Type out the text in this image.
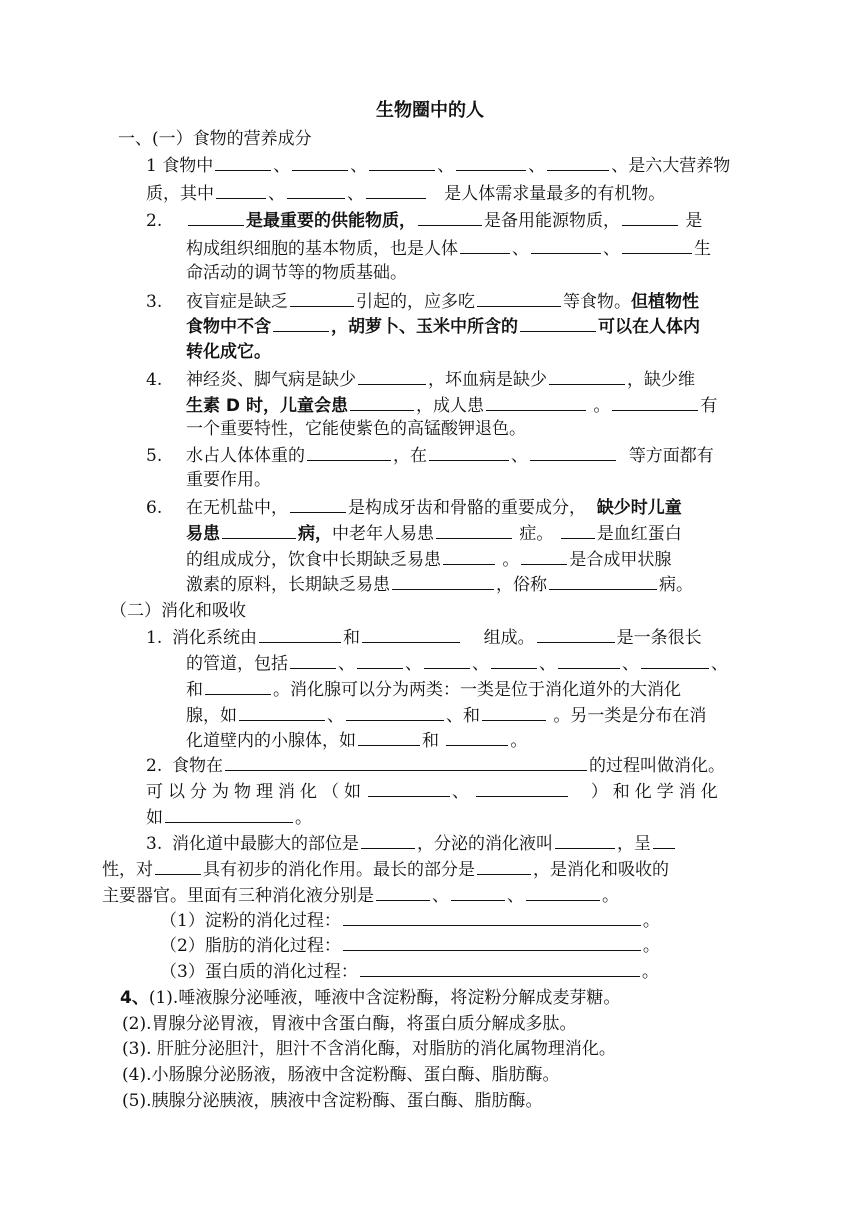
生物圈中的人
一、(一）食物的营养成分
1 食物中	、	、	、	、	、是六大营养物
质，其中	、	、	是人体需求量最多的有机物。
2.	是最重要的供能物质，	是备用能源物质，	是
构成组织细胞的基本物质，也是人体	、	、	生
命活动的调节等的物质基础。
3. 夜盲症是缺乏	引起的，应多吃	等食物。但植物性
食物中不含	，胡萝卜、玉米中所含的	可以在人体内
转化成它。
4. 神经炎、脚气病是缺少	，坏血病是缺少	，缺少维
生素 D 时，儿童会患	，成人患	。	有
一个重要特性，它能使紫色的高锰酸钾退色。
5. 水占人体体重的	，在	、	等方面都有
重要作用。
6. 在无机盐中，	是构成牙齿和骨骼的重要成分， 缺少时儿童
易患	病，中老年人易患	症。	是血红蛋白
的组成成分，饮食中长期缺乏易患	。	是合成甲状腺
激素的原料，长期缺乏易患	，俗称	病。
（二）消化和吸收
1. 消化系统由	和	组成。	是一条很长
的管道，包括	、	、	、	、	、	、
和	。消化腺可以分为两类：一类是位于消化道外的大消化
腺，如	、	、和	。另一类是分布在消
化道壁内的小腺体，如	和	。
2. 食物在	的过程叫做消化。
可以分为物理消化（如	、	）和化学消化
如	。
3. 消化道中最膨大的部位是	，分泌的消化液叫	，呈
性，对	具有初步的消化作用。最长的部分是	，是消化和吸收的
主要器官。里面有三种消化液分别是	、	、	。
（1）淀粉的消化过程：	。
（2）脂肪的消化过程：	。
（3）蛋白质的消化过程：	。
4、(1).唾液腺分泌唾液，唾液中含淀粉酶，将淀粉分解成麦芽糖。
(2).胃腺分泌胃液，胃液中含蛋白酶，将蛋白质分解成多肽。
(3). 肝脏分泌胆汁，胆汁不含消化酶，对脂肪的消化属物理消化。
(4).小肠腺分泌肠液，肠液中含淀粉酶、蛋白酶、脂肪酶。
(5).胰腺分泌胰液，胰液中含淀粉酶、蛋白酶、脂肪酶。
